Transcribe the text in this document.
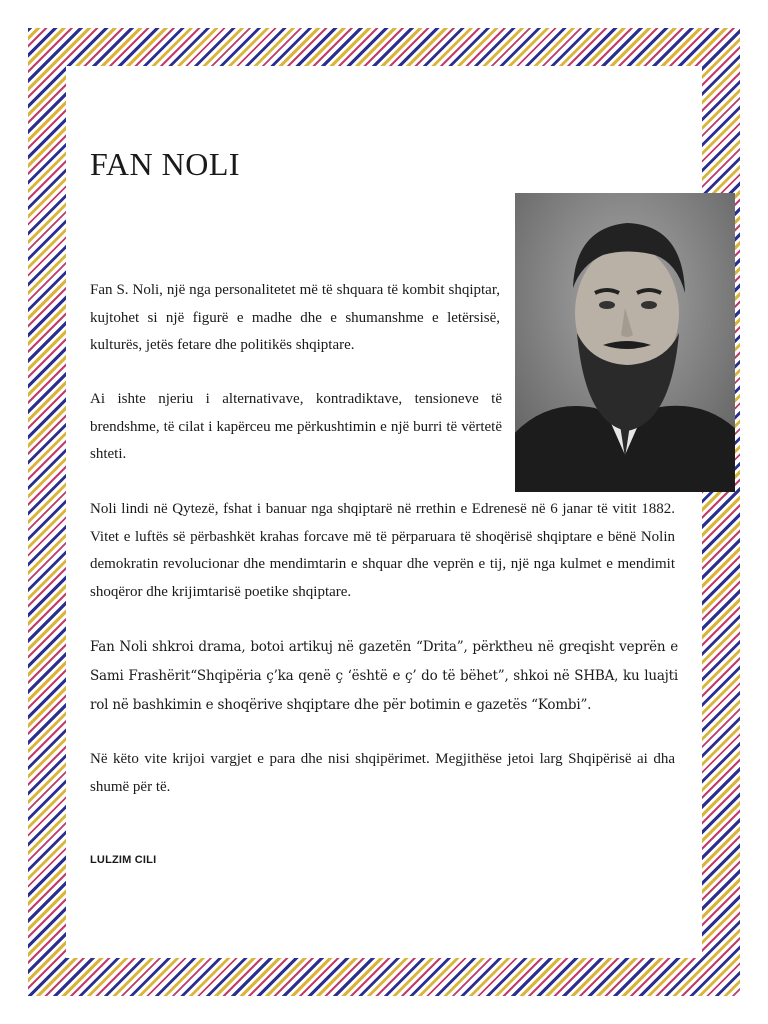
FAN NOLI

Fan S. Noli, një nga personalitetet më të shquara të kombit shqiptar, kujtohet si një figurë e madhe dhe e shumanshme e letërsisë, kulturës, jetës fetare dhe politikës shqiptare.

Ai ishte njeriu i alternativave, kontradiktave, tensioneve të brendshme, të cilat i kapërceu me përkushtimin e një burri të vërtetë shteti.

Noli lindi në Qytezë, fshat i banuar nga shqiptarë në rrethin e Edrenesë në 6 janar të vitit 1882. Vitet e luftës së përbashkët krahas forcave më të përparuara të shoqërisë shqiptare e bënë Nolin demokratin revolucionar dhe mendimtarin e shquar dhe veprën e tij, një nga kulmet e mendimit shoqëror dhe krijimtarisë poetike shqiptare.

Fan Noli shkroi drama, botoi artikuj në gazetën “Drita”, përktheu në greqisht veprën e Sami Frashërit“Shqipëria ç’ka qenë ç ‘është e ç’ do të bëhet”, shkoi në SHBA, ku luajti rol në bashkimin e shoqërive shqiptare dhe për botimin e gazetës “Kombi”.

Në këto vite krijoi vargjet e para dhe nisi shqipërimet. Megjithëse jetoi larg Shqipërisë ai dha shumë për të.

LULZIM CILI
